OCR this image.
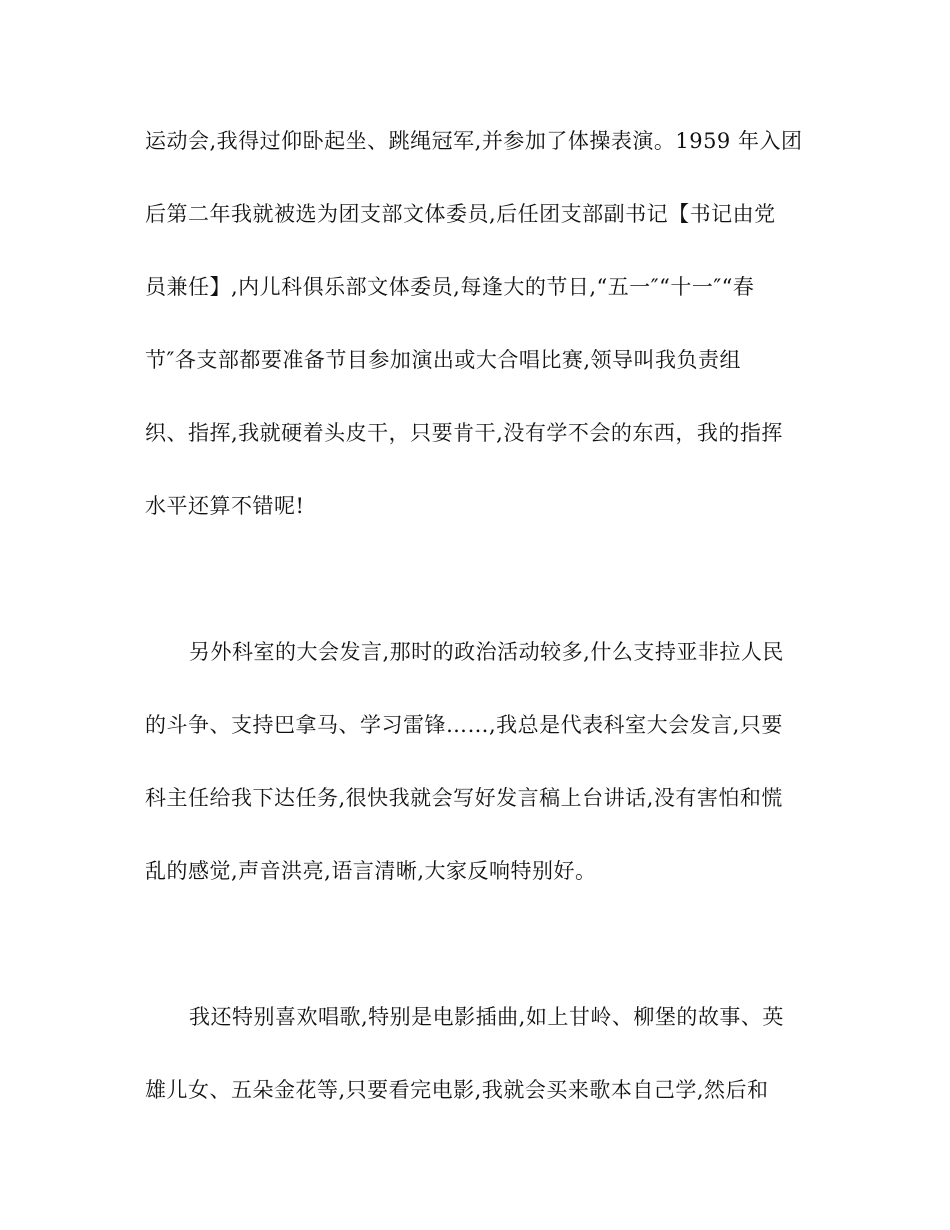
运动会,我得过仰卧起坐、跳绳冠军,并参加了体操表演。1959 年入团
后第二年我就被选为团支部文体委员,后任团支部副书记【书记由党
员兼任】,内儿科俱乐部文体委员,每逢大的节日,“五一″“十一″“春
节″各支部都要准备节目参加演出或大合唱比赛,领导叫我负责组
织、指挥,我就硬着头皮干，只要肯干,没有学不会的东西，我的指挥
水平还算不错呢!
另外科室的大会发言,那时的政治活动较多,什么支持亚非拉人民
的斗争、支持巴拿马、学习雷锋……,我总是代表科室大会发言,只要
科主任给我下达任务,很快我就会写好发言稿上台讲话,没有害怕和慌
乱的感觉,声音洪亮,语言清晰,大家反响特别好。
我还特别喜欢唱歌,特别是电影插曲,如上甘岭、柳堡的故事、英
雄儿女、五朵金花等,只要看完电影,我就会买来歌本自己学,然后和
